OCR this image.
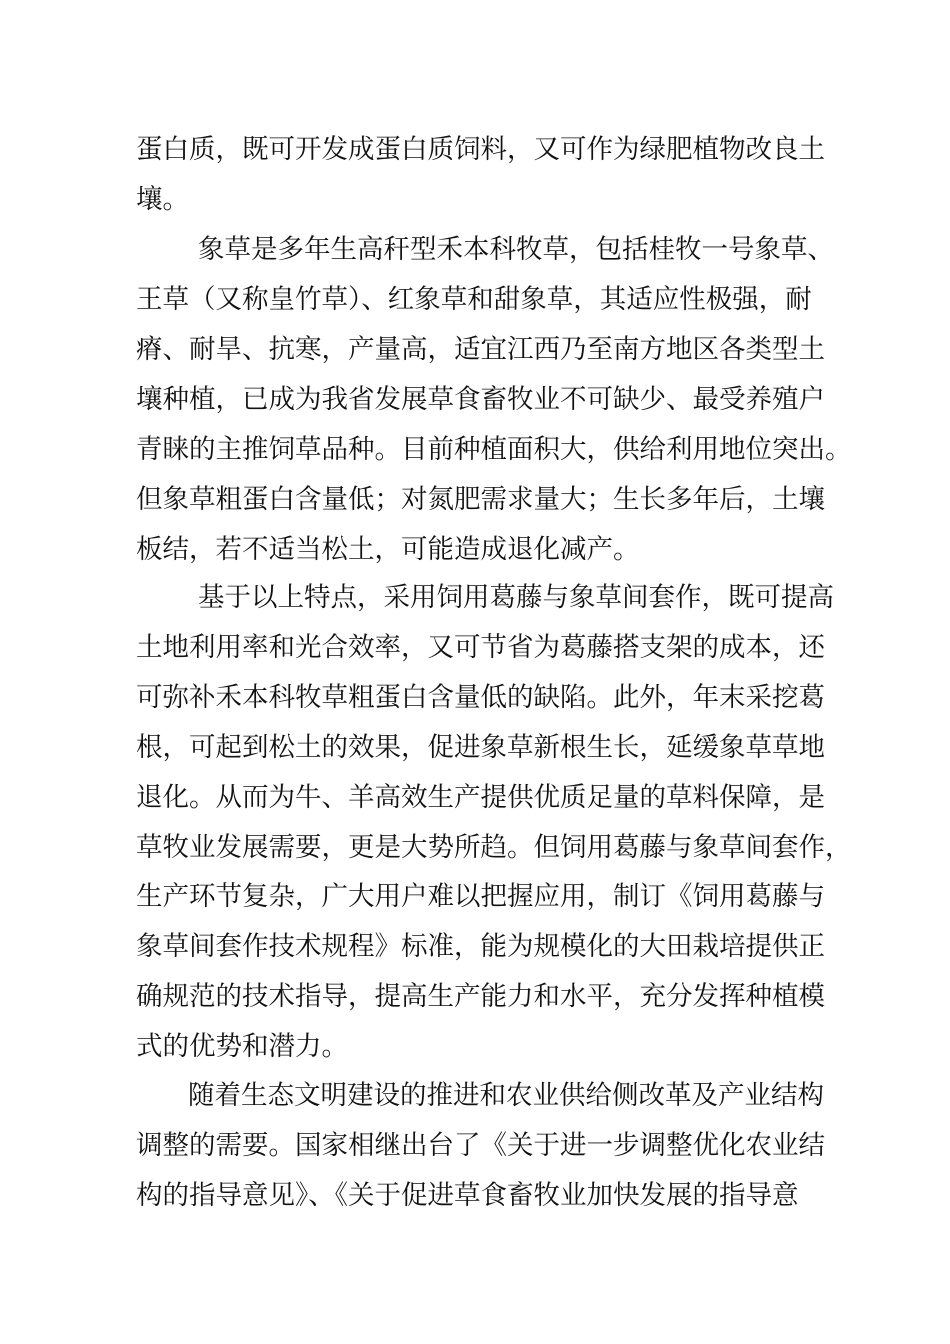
蛋白质，既可开发成蛋白质饲料，又可作为绿肥植物改良土

壤。

象草是多年生高秆型禾本科牧草，包括桂牧一号象草、

王草（又称皇竹草）、红象草和甜象草，其适应性极强，耐

瘠、耐旱、抗寒，产量高，适宜江西乃至南方地区各类型土

壤种植，已成为我省发展草食畜牧业不可缺少、最受养殖户

青睐的主推饲草品种。目前种植面积大，供给利用地位突出。

但象草粗蛋白含量低；对氮肥需求量大；生长多年后，土壤

板结，若不适当松土，可能造成退化减产。

基于以上特点，采用饲用葛藤与象草间套作，既可提高

土地利用率和光合效率，又可节省为葛藤搭支架的成本，还

可弥补禾本科牧草粗蛋白含量低的缺陷。此外，年末采挖葛

根，可起到松土的效果，促进象草新根生长，延缓象草草地

退化。从而为牛、羊高效生产提供优质足量的草料保障，是

草牧业发展需要，更是大势所趋。但饲用葛藤与象草间套作，

生产环节复杂，广大用户难以把握应用，制订《饲用葛藤与

象草间套作技术规程》标准，能为规模化的大田栽培提供正

确规范的技术指导，提高生产能力和水平，充分发挥种植模

式的优势和潜力。

随着生态文明建设的推进和农业供给侧改革及产业结构

调整的需要。国家相继出台了《关于进一步调整优化农业结

构的指导意见》、《关于促进草食畜牧业加快发展的指导意
